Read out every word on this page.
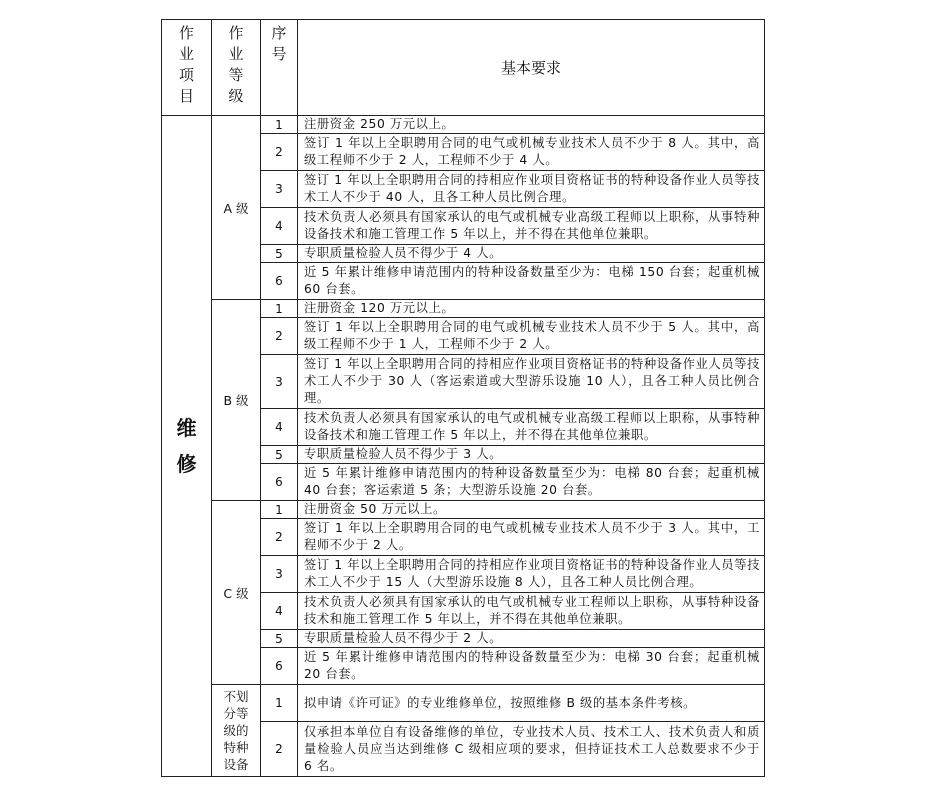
作业项目	作业等级	序号	基本要求
维修	A 级	1	注册资金 250 万元以上。
		2	签订 1 年以上全职聘用合同的电气或机械专业技术人员不少于 8 人。其中，高级工程师不少于 2 人，工程师不少于 4 人。
		3	签订 1 年以上全职聘用合同的持相应作业项目资格证书的特种设备作业人员等技术工人不少于 40 人，且各工种人员比例合理。
		4	技术负责人必须具有国家承认的电气或机械专业高级工程师以上职称，从事特种设备技术和施工管理工作 5 年以上，并不得在其他单位兼职。
		5	专职质量检验人员不得少于 4 人。
		6	近 5 年累计维修申请范围内的特种设备数量至少为：电梯 150 台套；起重机械 60 台套。
	B 级	1	注册资金 120 万元以上。
		2	签订 1 年以上全职聘用合同的电气或机械专业技术人员不少于 5 人。其中，高级工程师不少于 1 人，工程师不少于 2 人。
		3	签订 1 年以上全职聘用合同的持相应作业项目资格证书的特种设备作业人员等技术工人不少于 30 人（客运索道或大型游乐设施 10 人），且各工种人员比例合理。
		4	技术负责人必须具有国家承认的电气或机械专业高级工程师以上职称，从事特种设备技术和施工管理工作 5 年以上，并不得在其他单位兼职。
		5	专职质量检验人员不得少于 3 人。
		6	近 5 年累计维修申请范围内的特种设备数量至少为：电梯 80 台套；起重机械 40 台套；客运索道 5 条；大型游乐设施 20 台套。
	C 级	1	注册资金 50 万元以上。
		2	签订 1 年以上全职聘用合同的电气或机械专业技术人员不少于 3 人。其中，工程师不少于 2 人。
		3	签订 1 年以上全职聘用合同的持相应作业项目资格证书的特种设备作业人员等技术工人不少于 15 人（大型游乐设施 8 人），且各工种人员比例合理。
		4	技术负责人必须具有国家承认的电气或机械专业工程师以上职称，从事特种设备技术和施工管理工作 5 年以上，并不得在其他单位兼职。
		5	专职质量检验人员不得少于 2 人。
		6	近 5 年累计维修申请范围内的特种设备数量至少为：电梯 30 台套；起重机械 20 台套。
	不划分等级的特种设备	1	拟申请《许可证》的专业维修单位，按照维修 B 级的基本条件考核。
		2	仅承担本单位自有设备维修的单位，专业技术人员、技术工人、技术负责人和质量检验人员应当达到维修 C 级相应项的要求，但持证技术工人总数要求不少于 6 名。
